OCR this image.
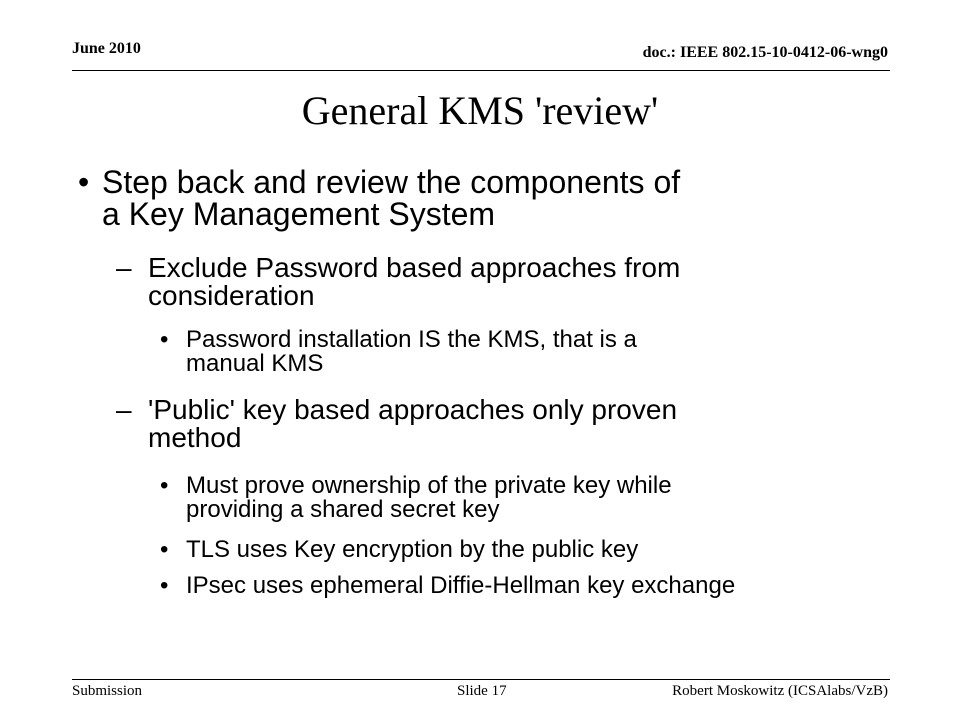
June 2010	doc.: IEEE 802.15-10-0412-06-wng0
General KMS 'review'
• Step back and review the components of
a Key Management System
– Exclude Password based approaches from
consideration
• Password installation IS the KMS, that is a
manual KMS
– 'Public' key based approaches only proven
method
• Must prove ownership of the private key while
providing a shared secret key
• TLS uses Key encryption by the public key
• IPsec uses ephemeral Diffie-Hellman key exchange
Submission	Slide 17	Robert Moskowitz (ICSAlabs/VzB)
